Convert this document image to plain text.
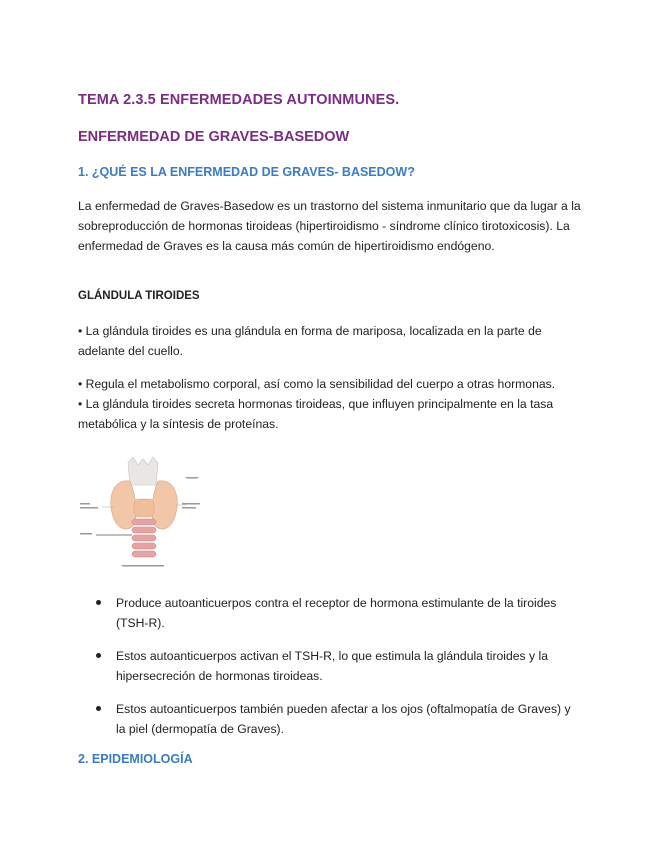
TEMA 2.3.5 ENFERMEDADES AUTOINMUNES.
ENFERMEDAD DE GRAVES-BASEDOW
1. ¿QUÉ ES LA ENFERMEDAD DE GRAVES- BASEDOW?
La enfermedad de Graves-Basedow es un trastorno del sistema inmunitario que da lugar a la sobreproducción de hormonas tiroideas (hipertiroidismo - síndrome clínico tirotoxicosis). La enfermedad de Graves es la causa más común de hipertiroidismo endógeno.
GLÁNDULA TIROIDES
• La glándula tiroides es una glándula en forma de mariposa, localizada en la parte de adelante del cuello.
• Regula el metabolismo corporal, así como la sensibilidad del cuerpo a otras hormonas.
• La glándula tiroides secreta hormonas tiroideas, que influyen principalmente en la tasa metabólica y la síntesis de proteínas.
Produce autoanticuerpos contra el receptor de hormona estimulante de la tiroides (TSH-R).
Estos autoanticuerpos activan el TSH-R, lo que estimula la glándula tiroides y la hipersecreción de hormonas tiroideas.
Estos autoanticuerpos también pueden afectar a los ojos (oftalmopatía de Graves) y la piel (dermopatía de Graves).
2. EPIDEMIOLOGÍA
